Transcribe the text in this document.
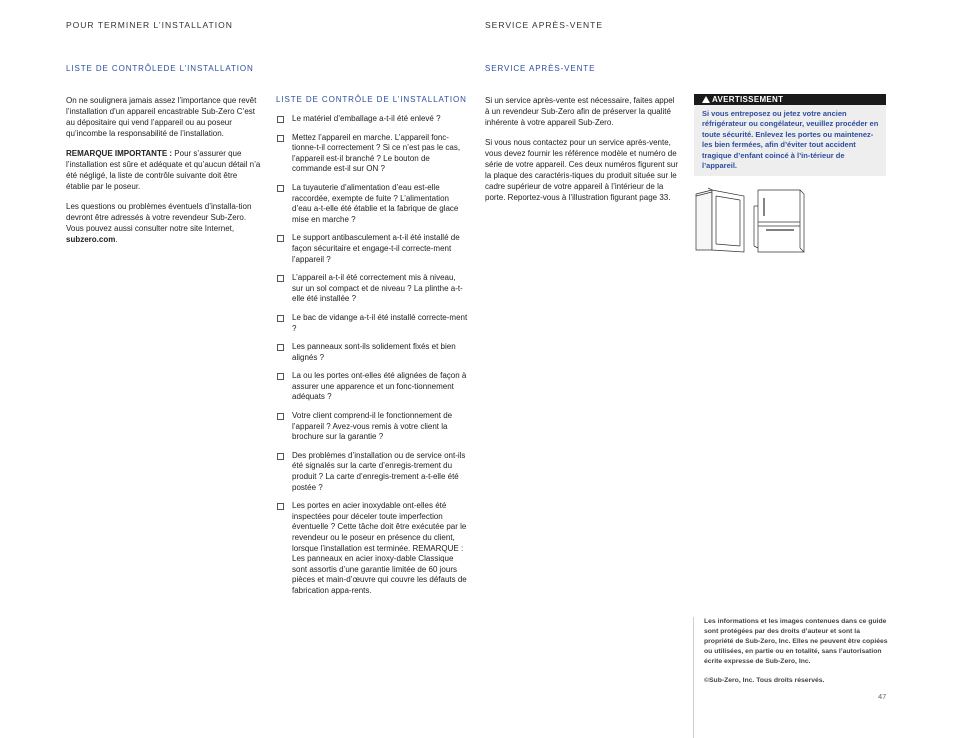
POUR TERMINER L’INSTALLATION	SERVICE APRÈS-VENTE
LISTE DE CONTRÔLEDE L’INSTALLATION

On ne soulignera jamais assez l’importance que revêt l’installation d’un appareil encastrable Sub-Zero C’est au dépositaire qui vend l’appareil ou au poseur qu’incombe la responsabilité de l’installation.

REMARQUE IMPORTANTE : Pour s’assurer que l’installation est sûre et adéquate et qu’aucun détail n’a été négligé, la liste de contrôle suivante doit être établie par le poseur.

Les questions ou problèmes éventuels d’installa-tion devront être adressés à votre revendeur Sub-Zero. Vous pouvez aussi consulter notre site Internet, subzero.com.

LISTE DE CONTRÔLE DE L’INSTALLATION
Le matériel d’emballage a-t-il été enlevé ?
Mettez l’appareil en marche. L’appareil fonc-tionne-t-il correctement ? Si ce n’est pas le cas, l’appareil est-il branché ? Le bouton de commande est-il sur ON ?
La tuyauterie d’alimentation d’eau est-elle raccordée, exempte de fuite ? L’alimentation d’eau a-t-elle été établie et la fabrique de glace mise en marche ?
Le support antibasculement a-t-il été installé de façon sécuritaire et engage-t-il correcte-ment l’appareil ?
L’appareil a-t-il été correctement mis à niveau, sur un sol compact et de niveau ? La plinthe a-t-elle été installée ?
Le bac de vidange a-t-il été installé correcte-ment ?
Les panneaux sont-ils solidement fixés et bien alignés ?
La ou les portes ont-elles été alignées de façon à assurer une apparence et un fonc-tionnement adéquats ?
Votre client comprend-il le fonctionnement de l’appareil ? Avez-vous remis à votre client la brochure sur la garantie ?
Des problèmes d’installation ou de service ont-ils été signalés sur la carte d’enregis-trement du produit ? La carte d’enregis-trement a-t-elle été postée ?
Les portes en acier inoxydable ont-elles été inspectées pour déceler toute imperfection éventuelle ? Cette tâche doit être exécutée par le revendeur ou le poseur en présence du client, lorsque l’installation est terminée. REMARQUE : Les panneaux en acier inoxy-dable Classique sont assortis d’une garantie limitée de 60 jours pièces et main-d’œuvre qui couvre les défauts de fabrication appa-rents.
SERVICE APRÈS-VENTE

Si un service après-vente est nécessaire, faites appel à un revendeur Sub-Zero afin de préserver la qualité inhérente à votre appareil Sub-Zero.

Si vous nous contactez pour un service après-vente, vous devez fournir les référence modèle et numéro de série de votre appareil. Ces deux numéros figurent sur la plaque des caractéris-tiques du produit située sur le cadre supérieur de votre appareil à l’intérieur de la porte. Reportez-vous à l’illustration figurant page 33.

AVERTISSEMENT
Si vous entreposez ou jetez votre ancien réfrigérateur ou congélateur, veuillez procéder en toute sécurité. Enlevez les portes ou maintenez-les bien fermées, afin d’éviter tout accident tragique d’enfant coincé à l’in-térieur de l’appareil.

Les informations et les images contenues dans ce guide sont protégées par des droits d’auteur et sont la propriété de Sub-Zero, Inc. Elles ne peuvent être copiées ou utilisées, en partie ou en totalité, sans l’autorisation écrite expresse de Sub-Zero, Inc.

©Sub-Zero, Inc. Tous droits réservés.

47
